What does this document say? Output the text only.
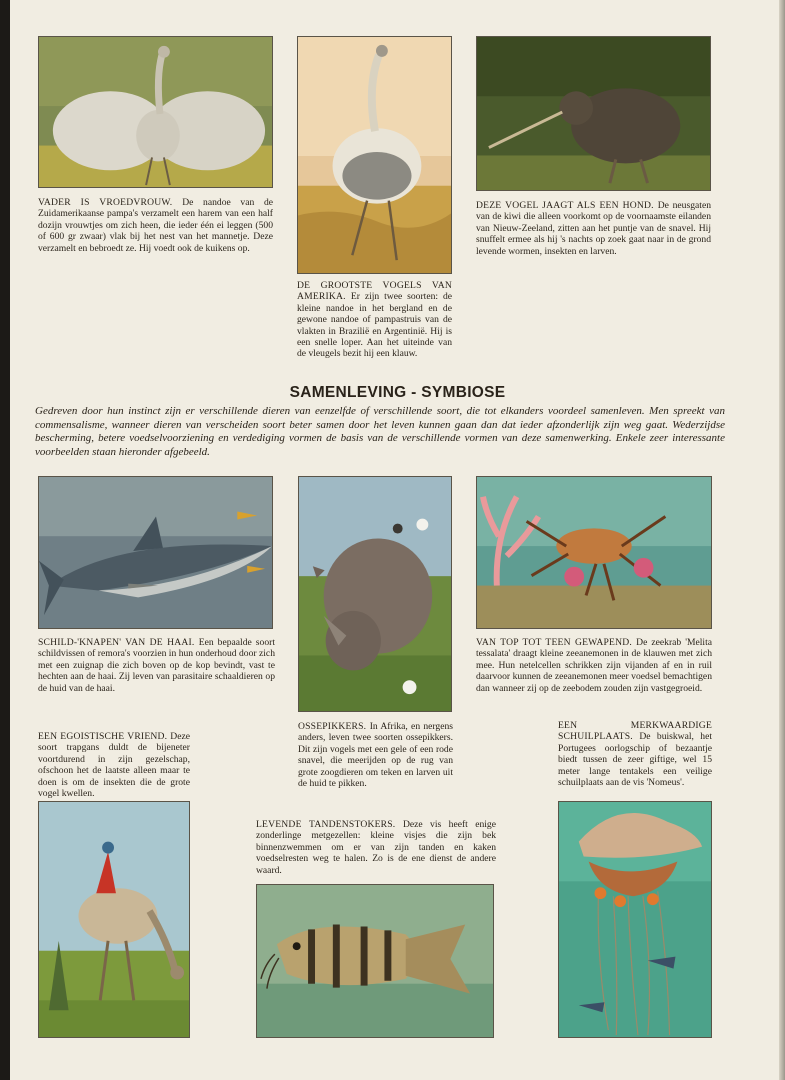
VADER IS VROEDVROUW. De nandoe van de Zuidamerikaanse pampa's verzamelt een harem van een half dozijn vrouwtjes om zich heen, die ieder één ei leggen (500 of 600 gr zwaar) vlak bij het nest van het mannetje. Deze verzamelt en bebroedt ze. Hij voedt ook de kuikens op.
DE GROOTSTE VOGELS VAN AMERIKA. Er zijn twee soorten: de kleine nandoe in het bergland en de gewone nandoe of pampastruis van de vlakten in Brazilië en Argentinië. Hij is een snelle loper. Aan het uiteinde van de vleugels bezit hij een klauw.
DEZE VOGEL JAAGT ALS EEN HOND. De neusgaten van de kiwi die alleen voorkomt op de voornaamste eilanden van Nieuw-Zeeland, zitten aan het puntje van de snavel. Hij snuffelt ermee als hij 's nachts op zoek gaat naar in de grond levende wormen, insekten en larven.
SAMENLEVING - SYMBIOSE
Gedreven door hun instinct zijn er verschillende dieren van eenzelfde of verschillende soort, die tot elkanders voordeel samenleven. Men spreekt van commensalisme, wanneer dieren van verscheiden soort beter samen door het leven kunnen gaan dan dat ieder afzonderlijk zijn weg gaat. Wederzijdse bescherming, betere voedselvoorziening en verdediging vormen de basis van de verschillende vormen van deze samenwerking. Enkele zeer interessante voorbeelden staan hieronder afgebeeld.
SCHILD-'KNAPEN' VAN DE HAAI. Een bepaalde soort schildvissen of remora's voorzien in hun onderhoud door zich met een zuignap die zich boven op de kop bevindt, vast te hechten aan de haai. Zij leven van parasitaire schaaldieren op de huid van de haai.
VAN TOP TOT TEEN GEWAPEND. De zeekrab 'Melita tessalata' draagt kleine zeeanemonen in de klauwen met zich mee. Hun netelcellen schrikken zijn vijanden af en in ruil daarvoor kunnen de zeeanemonen meer voedsel bemachtigen dan wanneer zij op de zeebodem zouden zijn vastgegroeid.
EEN EGOISTISCHE VRIEND. Deze soort trapgans duldt de bijeneter voortdurend in zijn gezelschap, ofschoon het de laatste alleen maar te doen is om de insekten die de grote vogel kwellen.
OSSEPIKKERS. In Afrika, en nergens anders, leven twee soorten ossepikkers. Dit zijn vogels met een gele of een rode snavel, die meerijden op de rug van grote zoogdieren om teken en larven uit de huid te pikken.
EEN MERKWAARDIGE SCHUILPLAATS. De buiskwal, het Portugees oorlogschip of bezaantje biedt tussen de zeer giftige, wel 15 meter lange tentakels een veilige schuilplaats aan de vis 'Nomeus'.
LEVENDE TANDENSTOKERS. Deze vis heeft enige zonderlinge metgezellen: kleine visjes die zijn bek binnenzwemmen om er van zijn tanden en kaken voedselresten weg te halen. Zo is de ene dienst de andere waard.
